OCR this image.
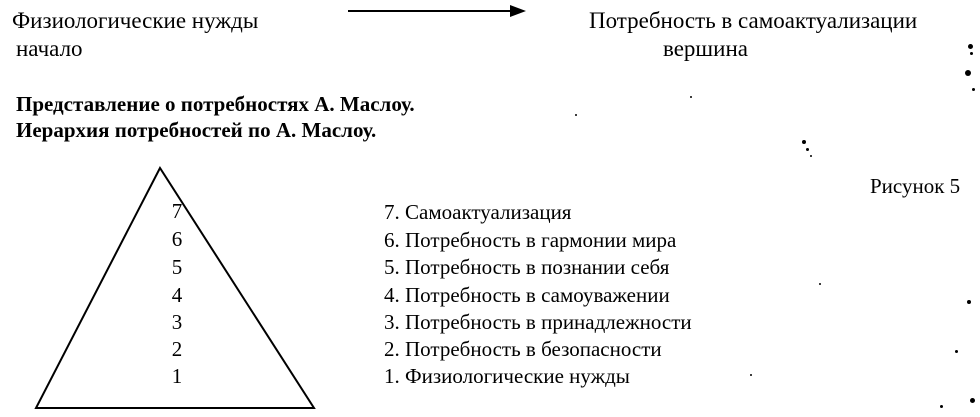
Физиологические нужды
начало
Потребность в самоактуализации
вершина
Представление о потребностях А. Маслоу.
Иерархия потребностей по А. Маслоу.
Рисунок 5
7
6
5
4
3
2
1
7. Самоактуализация
6. Потребность в гармонии мира
5. Потребность в познании себя
4. Потребность в самоуважении
3. Потребность в принадлежности
2. Потребность в безопасности
1. Физиологические нужды
